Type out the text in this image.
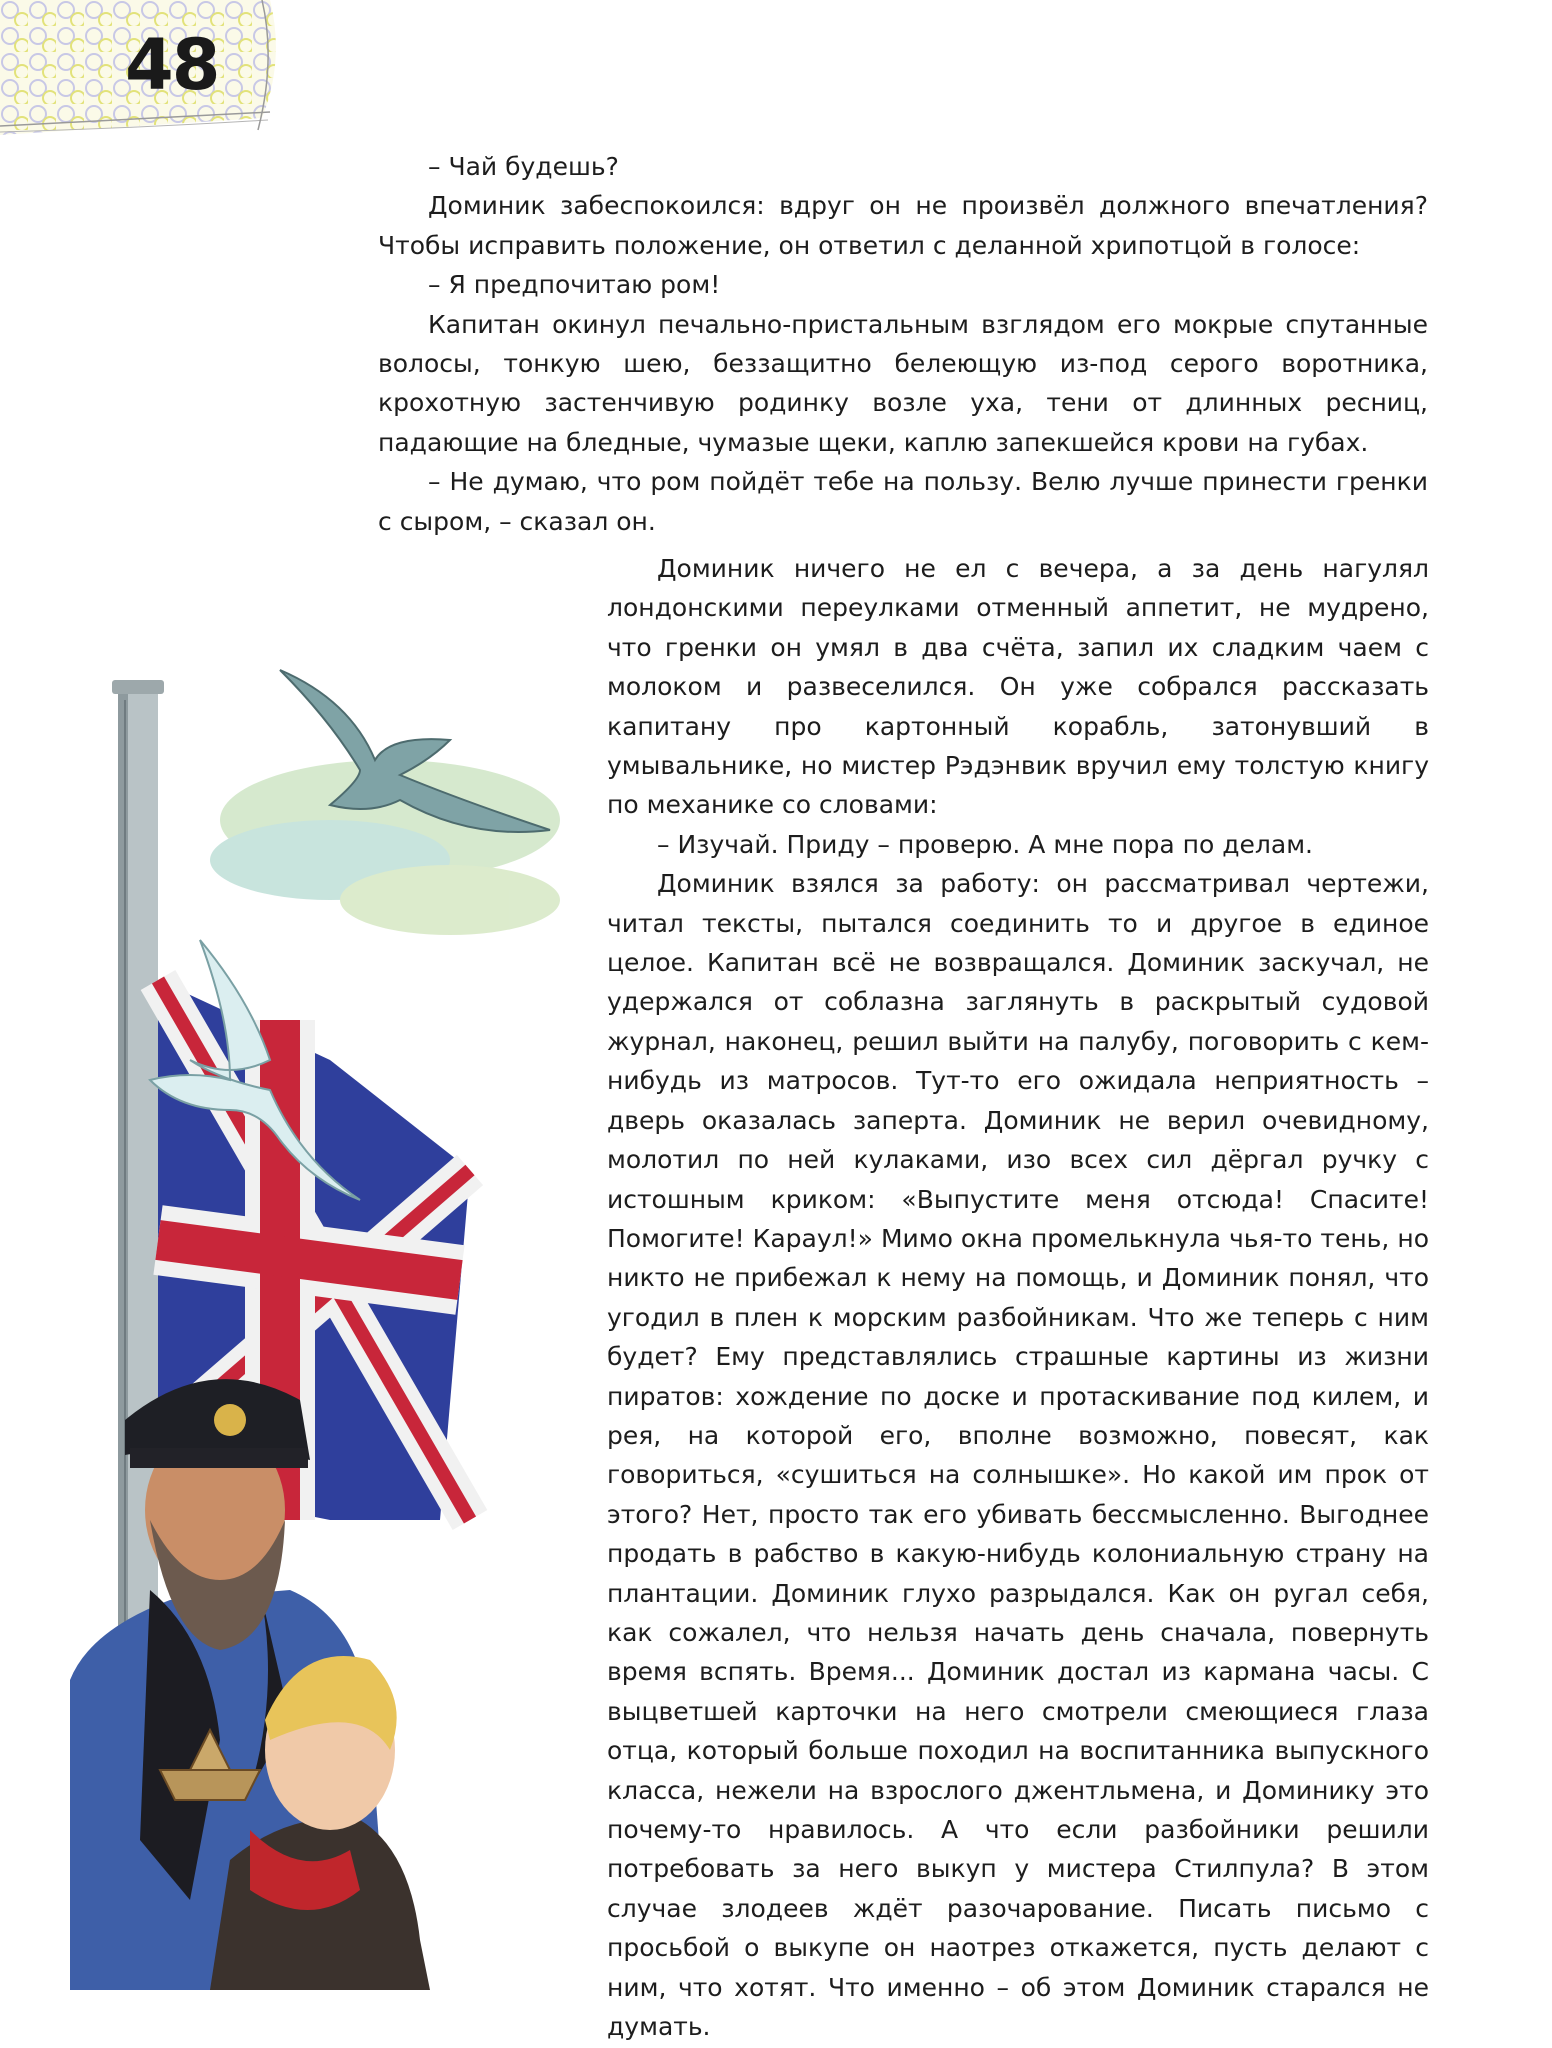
48

– Чай будешь?

Доминик забеспокоился: вдруг он не произвёл должного впечатления? Чтобы исправить положение, он ответил с деланной хрипотцой в голосе:

– Я предпочитаю ром!

Капитан окинул печально-пристальным взглядом его мокрые спутанные волосы, тонкую шею, беззащитно белеющую из-под серого воротника, крохотную застенчивую родинку возле уха, тени от длинных ресниц, падающие на бледные, чумазые щеки, каплю запекшейся крови на губах.

– Не думаю, что ром пойдёт тебе на пользу. Велю лучше принести гренки с сыром, – сказал он.

Доминик ничего не ел с вечера, а за день нагулял лондонскими переулками отменный аппетит, не мудрено, что гренки он умял в два счёта, запил их сладким чаем с молоком и развеселился. Он уже собрался рассказать капитану про картонный корабль, затонувший в умывальнике, но мистер Рэдэнвик вручил ему толстую книгу по механике со словами:

– Изучай. Приду – проверю. А мне пора по делам.

Доминик взялся за работу: он рассматривал чертежи, читал тексты, пытался соединить то и другое в единое целое. Капитан всё не возвращался. Доминик заскучал, не удержался от соблазна заглянуть в раскрытый судовой журнал, наконец, решил выйти на палубу, поговорить с кем-нибудь из матросов. Тут-то его ожидала неприятность – дверь оказалась заперта. Доминик не верил очевидному, молотил по ней кулаками, изо всех сил дёргал ручку с истошным криком: «Выпустите меня отсюда! Спасите! Помогите! Караул!» Мимо окна промелькнула чья-то тень, но никто не прибежал к нему на помощь, и Доминик понял, что угодил в плен к морским разбойникам. Что же теперь с ним будет? Ему представлялись страшные картины из жизни пиратов: хождение по доске и протаскивание под килем, и рея, на которой его, вполне возможно, повесят, как говориться, «сушиться на солнышке». Но какой им прок от этого? Нет, просто так его убивать бессмысленно. Выгоднее продать в рабство в какую-нибудь колониальную страну на плантации. Доминик глухо разрыдался. Как он ругал себя, как сожалел, что нельзя начать день сначала, повернуть время вспять. Время... Доминик достал из кармана часы. С выцветшей карточки на него смотрели смеющиеся глаза отца, который больше походил на воспитанника выпускного класса, нежели на взрослого джентльмена, и Доминику это почему-то нравилось. А что если разбойники решили потребовать за него выкуп у мистера Стилпула? В этом случае злодеев ждёт разочарование. Писать письмо с просьбой о выкупе он наотрез откажется, пусть делают с ним, что хотят. Что именно – об этом Доминик старался не думать.
